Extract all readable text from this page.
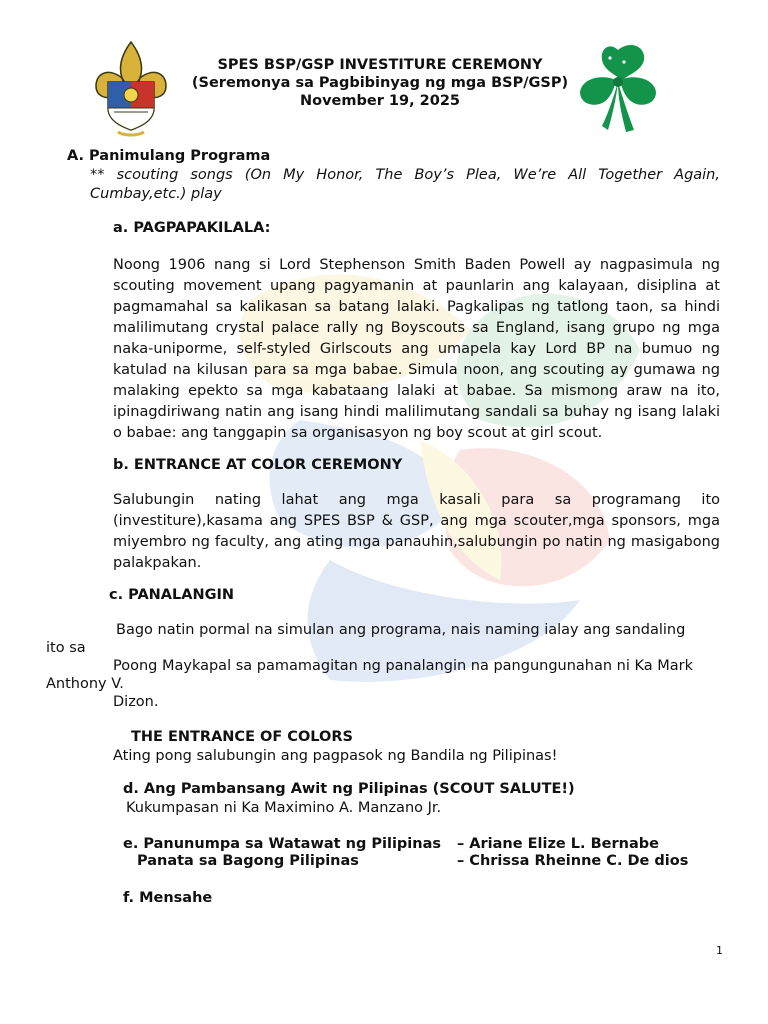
SPES BSP/GSP INVESTITURE CEREMONY
(Seremonya sa Pagbibinyag ng mga BSP/GSP)
November 19, 2025
A. Panimulang Programa
** scouting songs (On My Honor, The Boy’s Plea, We’re All Together Again, Cumbay,etc.) play
a. PAGPAPAKILALA:
Noong 1906 nang si Lord Stephenson Smith Baden Powell ay nagpasimula ng scouting movement upang pagyamanin at paunlarin ang kalayaan, disiplina at pagmamahal sa kalikasan sa batang lalaki. Pagkalipas ng tatlong taon, sa hindi malilimutang crystal palace rally ng Boyscouts sa England, isang grupo ng mga naka-uniporme, self-styled Girlscouts ang umapela kay Lord BP na bumuo ng katulad na kilusan para sa mga babae. Simula noon, ang scouting ay gumawa ng malaking epekto sa mga kabataang lalaki at babae. Sa mismong araw na ito, ipinagdiriwang natin ang isang hindi malilimutang sandali sa buhay ng isang lalaki o babae: ang tanggapin sa organisasyon ng boy scout at girl scout.
b. ENTRANCE AT COLOR CEREMONY
Salubungin nating lahat ang mga kasali para sa programang ito (investiture),kasama ang SPES BSP & GSP, ang mga scouter,mga sponsors, mga miyembro ng faculty, ang ating mga panauhin,salubungin po natin ng masigabong palakpakan.
c. PANALANGIN
Bago natin pormal na simulan ang programa, nais naming ialay ang sandaling
ito sa
Poong Maykapal sa pamamagitan ng panalangin na pangungunahan ni Ka Mark
Anthony V.
Dizon.
THE ENTRANCE OF COLORS
Ating pong salubungin ang pagpasok ng Bandila ng Pilipinas!
d. Ang Pambansang Awit ng Pilipinas (SCOUT SALUTE!)
Kukumpasan ni Ka Maximino A. Manzano Jr.
e. Panunumpa sa Watawat ng Pilipinas – Ariane Elize L. Bernabe
Panata sa Bagong Pilipinas	– Chrissa Rheinne C. De dios
f. Mensahe
1
